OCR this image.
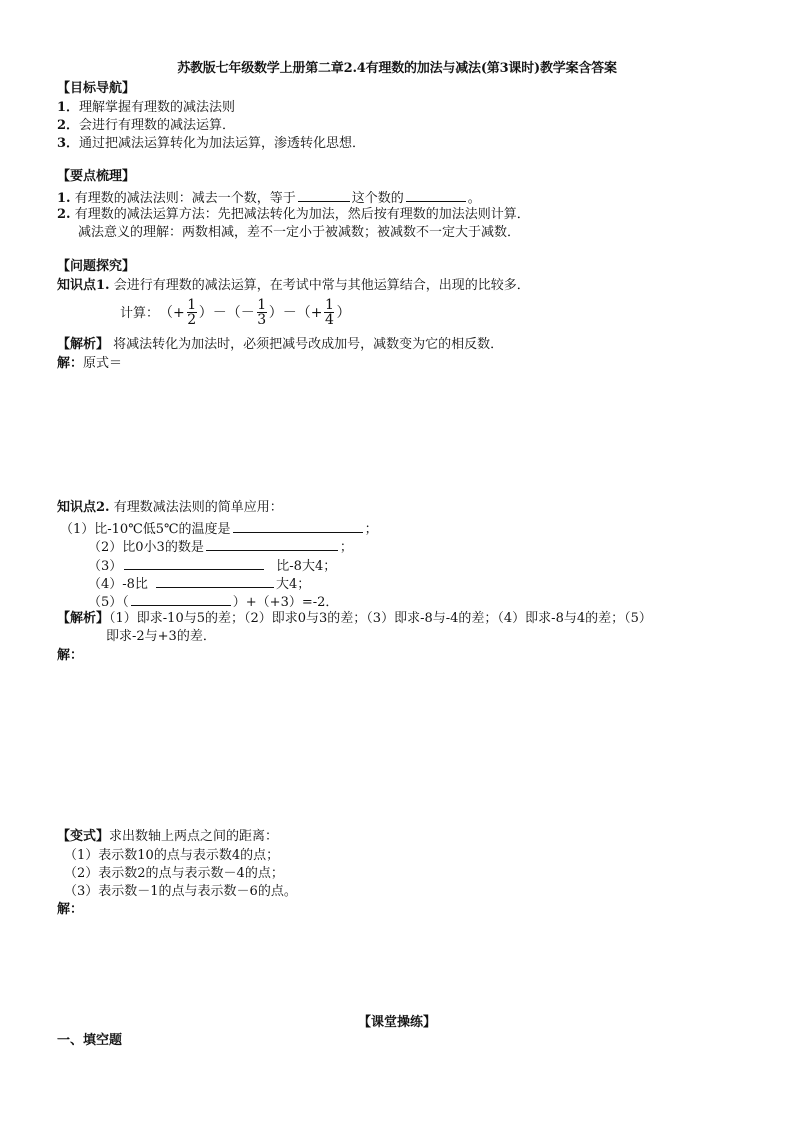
苏教版七年级数学上册第二章2.4有理数的加法与减法(第3课时)教学案含答案
【目标导航】
1．理解掌握有理数的减法法则
2．会进行有理数的减法运算．
3．通过把减法运算转化为加法运算，渗透转化思想．
【要点梳理】
1. 有理数的减法法则：减去一个数，等于	这个数的	。
2. 有理数的减法运算方法：先把减法转化为加法，然后按有理数的加法法则计算．
减法意义的理解：两数相减，差不一定小于被减数；被减数不一定大于减数．
【问题探究】
知识点1. 会进行有理数的减法运算，在考试中常与其他运算结合，出现的比较多．
计算： （+ $\frac{1}{2}$ ） －（－ $\frac{1}{3}$ ） －（+ $\frac{1}{4}$ ）
【解析】 将减法转化为加法时，必须把减号改成加号，减数变为它的相反数．
解：原式＝
知识点2. 有理数减法法则的简单应用：
（1）比-10℃低5℃的温度是	；
（2）比0小3的数是	；
（3）	比-8大4；
（4）-8比	大4；
（5）（	）+（+3）=-2．
【解析】（1）即求-10与5的差；（2）即求0与3的差；（3）即求-8与-4的差；（4）即求-8与4的差；（5）
即求-2与+3的差．
解：
【变式】求出数轴上两点之间的距离：
（1）表示数10的点与表示数4的点；
（2）表示数2的点与表示数－4的点；
（3）表示数－1的点与表示数－6的点。
解：
【课堂操练】
一、填空题
